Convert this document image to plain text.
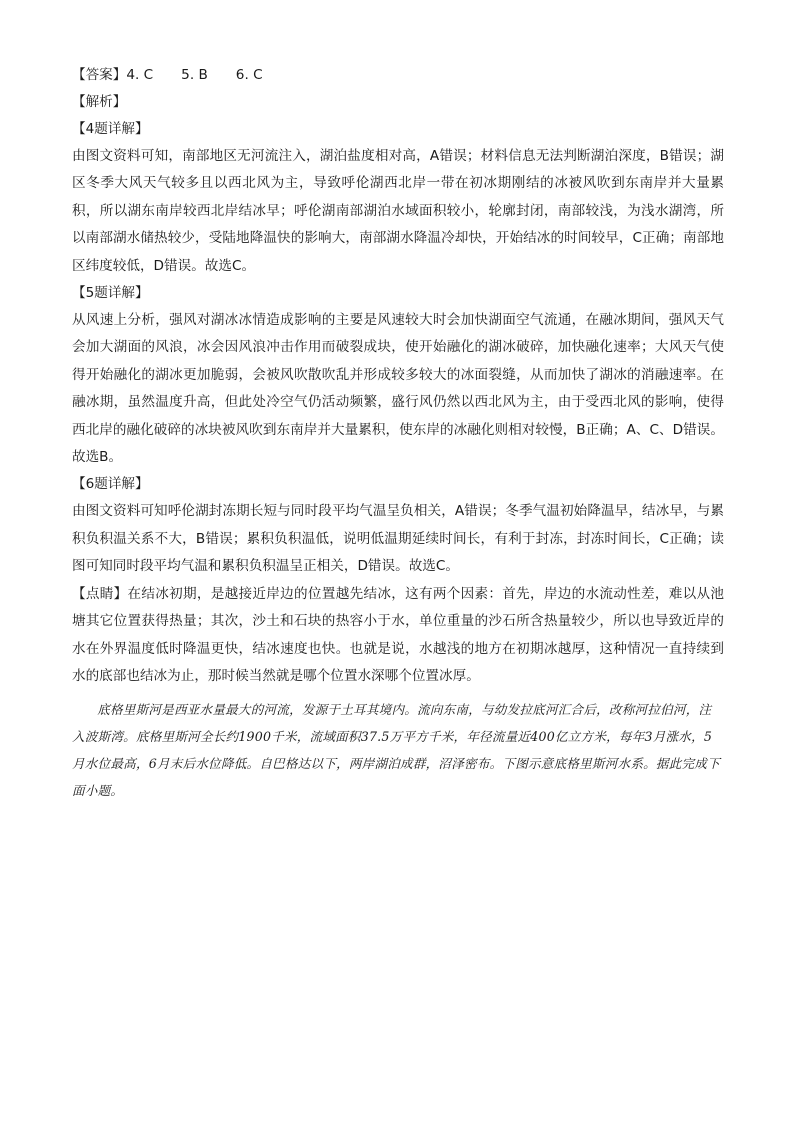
【答案】4. C 5. B 6. C

【解析】

【4题详解】

由图文资料可知，南部地区无河流注入，湖泊盐度相对高，A错误；材料信息无法判断湖泊深度，B错误；湖区冬季大风天气较多且以西北风为主，导致呼伦湖西北岸一带在初冰期刚结的冰被风吹到东南岸并大量累积，所以湖东南岸较西北岸结冰早；呼伦湖南部湖泊水域面积较小，轮廓封闭，南部较浅，为浅水湖湾，所以南部湖水储热较少，受陆地降温快的影响大，南部湖水降温冷却快，开始结冰的时间较早，C正确；南部地区纬度较低，D错误。故选C。

【5题详解】

从风速上分析，强风对湖冰冰情造成影响的主要是风速较大时会加快湖面空气流通，在融冰期间，强风天气会加大湖面的风浪，冰会因风浪冲击作用而破裂成块，使开始融化的湖冰破碎，加快融化速率；大风天气使得开始融化的湖冰更加脆弱，会被风吹散吹乱并形成较多较大的冰面裂缝，从而加快了湖冰的消融速率。在融冰期，虽然温度升高，但此处冷空气仍活动频繁，盛行风仍然以西北风为主，由于受西北风的影响，使得西北岸的融化破碎的冰块被风吹到东南岸并大量累积，使东岸的冰融化则相对较慢，B正确；A、C、D错误。故选B。

【6题详解】

由图文资料可知呼伦湖封冻期长短与同时段平均气温呈负相关，A错误；冬季气温初始降温早，结冰早，与累积负积温关系不大，B错误；累积负积温低，说明低温期延续时间长，有利于封冻，封冻时间长，C正确；读图可知同时段平均气温和累积负积温呈正相关，D错误。故选C。

【点睛】在结冰初期，是越接近岸边的位置越先结冰，这有两个因素：首先，岸边的水流动性差，难以从池塘其它位置获得热量；其次，沙土和石块的热容小于水，单位重量的沙石所含热量较少，所以也导致近岸的水在外界温度低时降温更快，结冰速度也快。也就是说，水越浅的地方在初期冰越厚，这种情况一直持续到水的底部也结冰为止，那时候当然就是哪个位置水深哪个位置冰厚。

底格里斯河是西亚水量最大的河流，发源于土耳其境内。流向东南，与幼发拉底河汇合后，改称河拉伯河，注入波斯湾。底格里斯河全长约1900千米，流域面积37.5万平方千米，年径流量近400亿立方米，每年3月涨水，5月水位最高，6月末后水位降低。自巴格达以下，两岸湖泊成群，沼泽密布。下图示意底格里斯河水系。据此完成下面小题。
